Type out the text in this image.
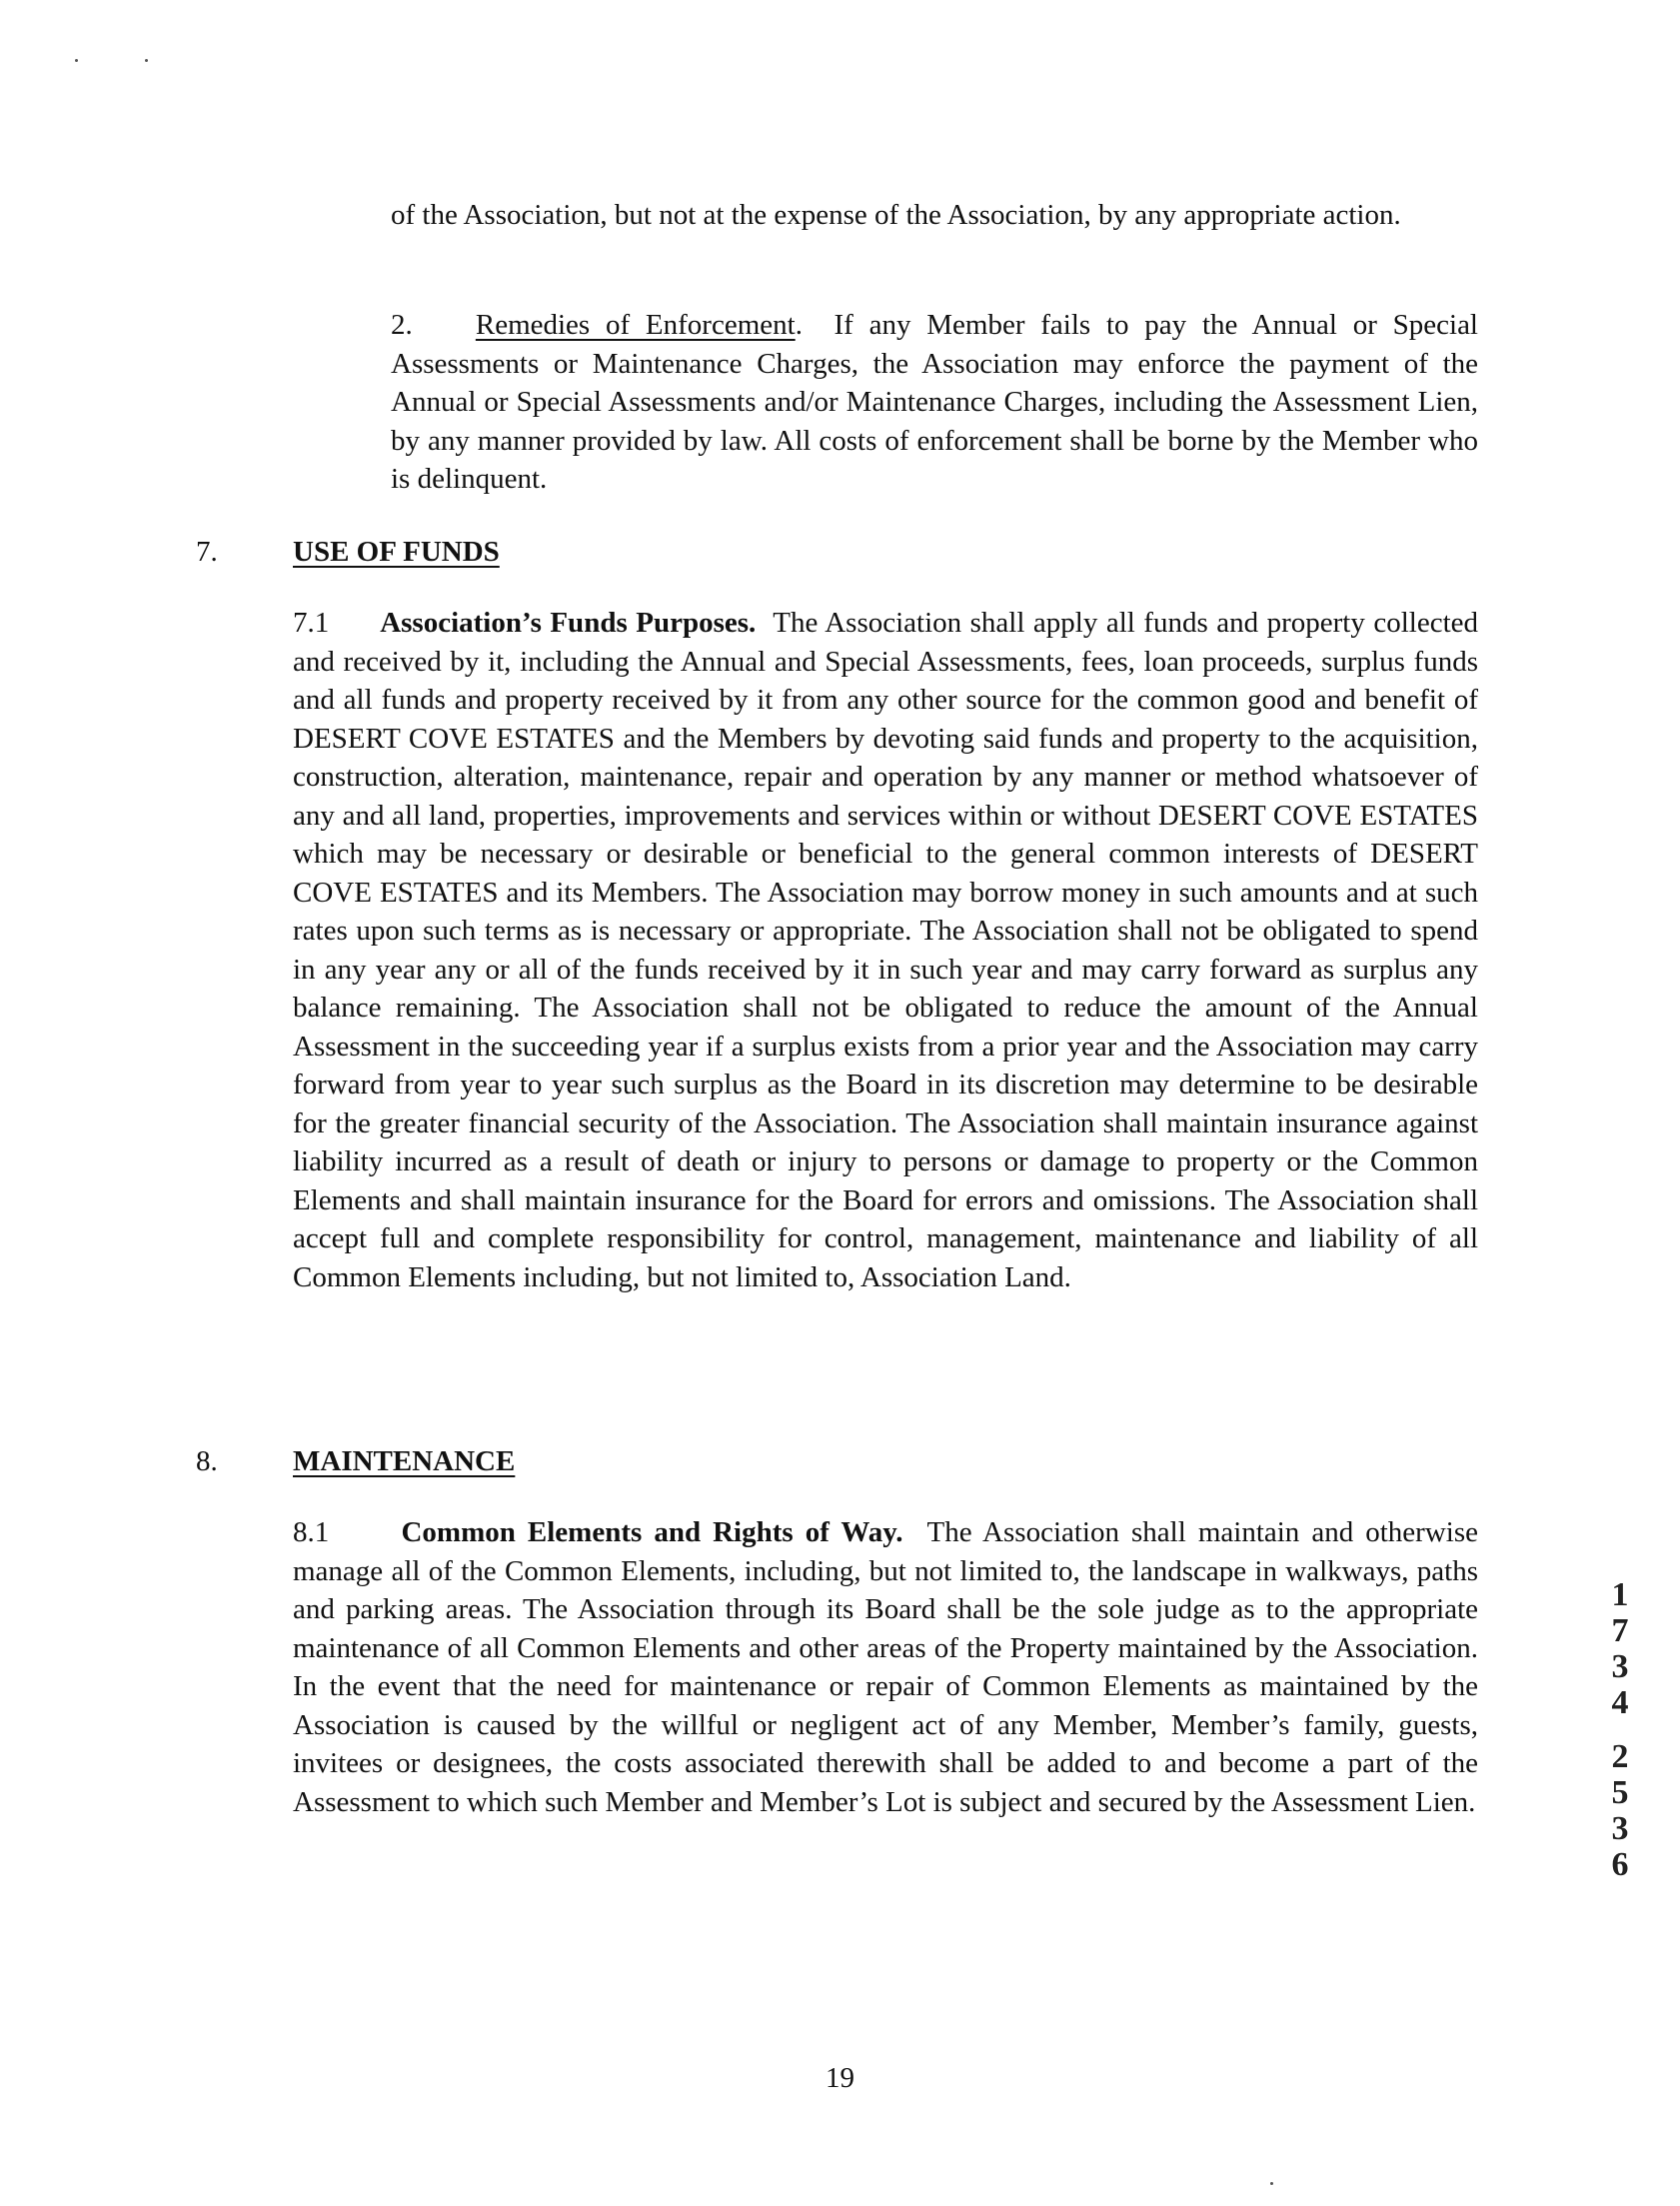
of the Association, but not at the expense of the Association, by any appropriate action.
2. Remedies of Enforcement.  If any Member fails to pay the Annual or Special Assessments or Maintenance Charges, the Association may enforce the payment of the Annual or Special Assessments and/or Maintenance Charges, including the Assessment Lien, by any manner provided by law. All costs of enforcement shall be borne by the Member who is delinquent.
7.	USE OF FUNDS
7.1 Association’s Funds Purposes. The Association shall apply all funds and property collected and received by it, including the Annual and Special Assessments, fees, loan proceeds, surplus funds and all funds and property received by it from any other source for the common good and benefit of DESERT COVE ESTATES and the Members by devoting said funds and property to the acquisition, construction, alteration, maintenance, repair and operation by any manner or method whatsoever of any and all land, properties, improvements and services within or without DESERT COVE ESTATES which may be necessary or desirable or beneficial to the general common interests of DESERT COVE ESTATES and its Members. The Association may borrow money in such amounts and at such rates upon such terms as is necessary or appropriate. The Association shall not be obligated to spend in any year any or all of the funds received by it in such year and may carry forward as surplus any balance remaining. The Association shall not be obligated to reduce the amount of the Annual Assessment in the succeeding year if a surplus exists from a prior year and the Association may carry forward from year to year such surplus as the Board in its discretion may determine to be desirable for the greater financial security of the Association. The Association shall maintain insurance against liability incurred as a result of death or injury to persons or damage to property or the Common Elements and shall maintain insurance for the Board for errors and omissions. The Association shall accept full and complete responsibility for control, management, maintenance and liability of all Common Elements including, but not limited to, Association Land.
8.	MAINTENANCE
8.1 Common Elements and Rights of Way. The Association shall maintain and otherwise manage all of the Common Elements, including, but not limited to, the landscape in walkways, paths and parking areas. The Association through its Board shall be the sole judge as to the appropriate maintenance of all Common Elements and other areas of the Property maintained by the Association. In the event that the need for maintenance or repair of Common Elements as maintained by the Association is caused by the willful or negligent act of any Member, Member’s family, guests, invitees or designees, the costs associated therewith shall be added to and become a part of the Assessment to which such Member and Member’s Lot is subject and secured by the Assessment Lien.
1
7
3
4
2
5
3
6
19
